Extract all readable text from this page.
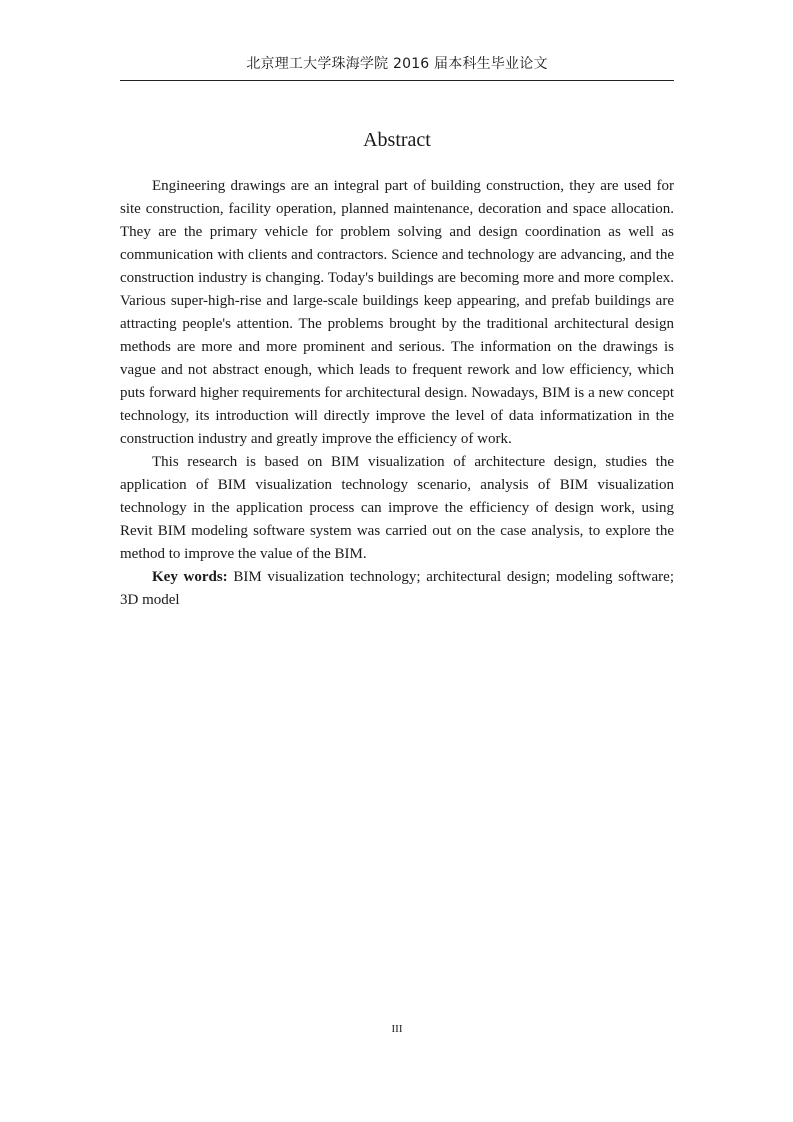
北京理工大学珠海学院 2016 届本科生毕业论文
Abstract

Engineering drawings are an integral part of building construction, they are used for site construction, facility operation, planned maintenance, decoration and space allocation. They are the primary vehicle for problem solving and design coordination as well as communication with clients and contractors. Science and technology are advancing, and the construction industry is changing. Today's buildings are becoming more and more complex. Various super-high-rise and large-scale buildings keep appearing, and prefab buildings are attracting people's attention. The problems brought by the traditional architectural design methods are more and more prominent and serious. The information on the drawings is vague and not abstract enough, which leads to frequent rework and low efficiency, which puts forward higher requirements for architectural design. Nowadays, BIM is a new concept technology, its introduction will directly improve the level of data informatization in the construction industry and greatly improve the efficiency of work.

This research is based on BIM visualization of architecture design, studies the application of BIM visualization technology scenario, analysis of BIM visualization technology in the application process can improve the efficiency of design work, using Revit BIM modeling software system was carried out on the case analysis, to explore the method to improve the value of the BIM.

Key words: BIM visualization technology; architectural design; modeling software; 3D model

III
